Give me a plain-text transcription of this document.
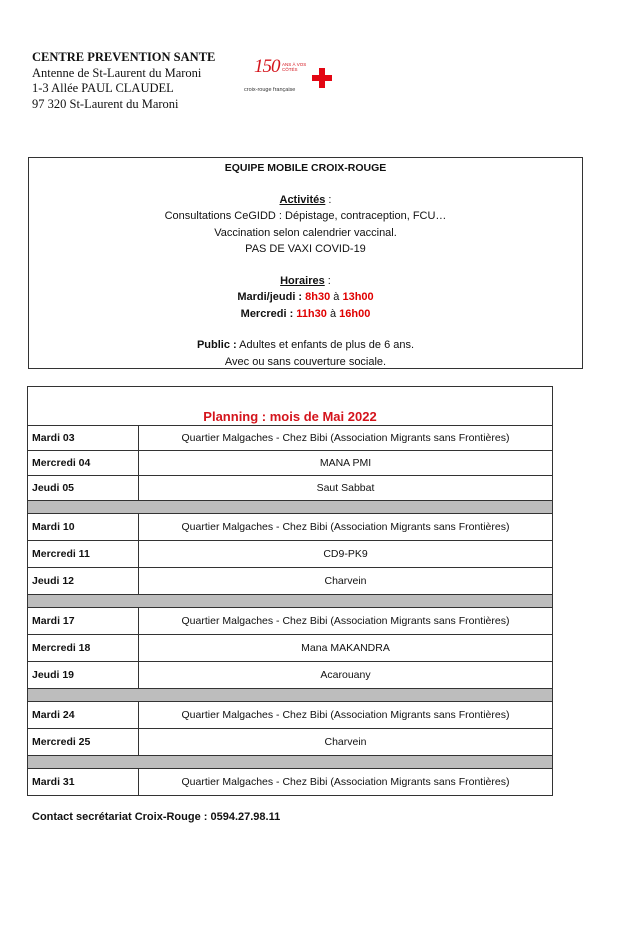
CENTRE PREVENTION SANTE
Antenne de St-Laurent du Maroni
1-3 Allée PAUL CLAUDEL
97 320 St-Laurent du Maroni
150 ANS À VOS CÔTÉS
croix-rouge française
EQUIPE MOBILE CROIX-ROUGE
Activités :
Consultations CeGIDD : Dépistage, contraception, FCU…
Vaccination selon calendrier vaccinal.
PAS DE VAXI COVID-19
Horaires :
Mardi/jeudi : 8h30 à 13h00
Mercredi : 11h30 à 16h00
Public : Adultes et enfants de plus de 6 ans.
Avec ou sans couverture sociale.
Planning : mois de Mai 2022	
Mardi 03	Quartier Malgaches - Chez Bibi (Association Migrants sans Frontières)
Mercredi 04	MANA PMI
Jeudi 05	Saut Sabbat

Mardi 10	Quartier Malgaches - Chez Bibi (Association Migrants sans Frontières)
Mercredi 11	CD9-PK9
Jeudi 12	Charvein

Mardi 17	Quartier Malgaches - Chez Bibi (Association Migrants sans Frontières)
Mercredi 18	Mana MAKANDRA
Jeudi 19	Acarouany

Mardi 24	Quartier Malgaches - Chez Bibi (Association Migrants sans Frontières)
Mercredi 25	Charvein

Mardi 31	Quartier Malgaches - Chez Bibi (Association Migrants sans Frontières)
Contact secrétariat Croix-Rouge : 0594.27.98.11
